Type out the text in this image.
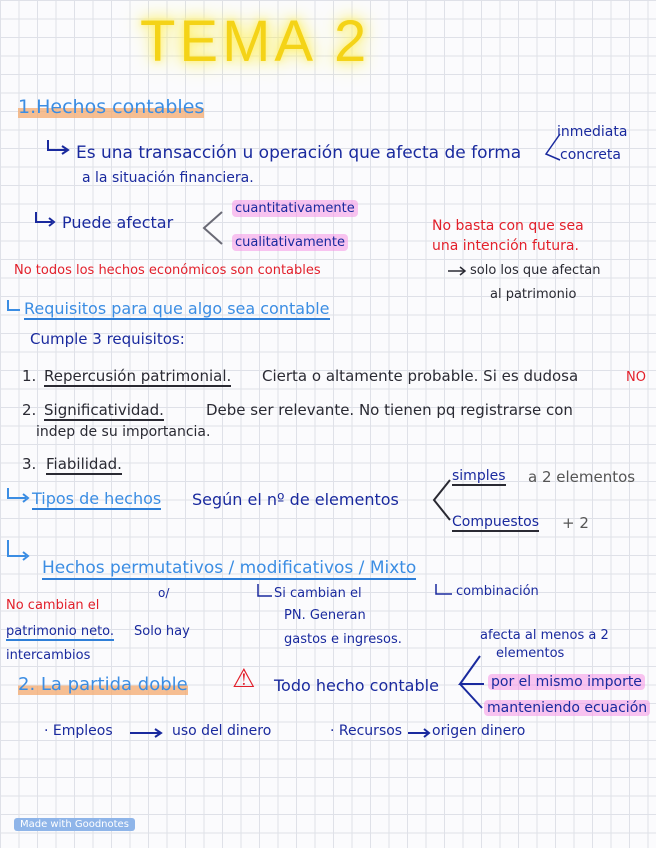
TEMA 2
1.Hechos contables
Es una transacción u operación que afecta de forma
a la situación financiera.
inmediata
concreta
Puede afectar
cuantitativamente
cualitativamente
No basta con que sea
una intención futura.
No todos los hechos económicos son contables	solo los que afectan
al patrimonio
Requisitos para que algo sea contable
Cumple 3 requisitos:
1. Repercusión patrimonial. Cierta o altamente probable. Si es dudosa	NO
2. Significatividad.	Debe ser relevante. No tienen pq registrarse con
indep de su importancia.
3. Fiabilidad.
Tipos de hechos Según el nº de elementos
simples a 2 elementos
Compuestos + 2
Hechos permutativos / modificativos / Mixto
o/
No cambian el
patrimonio neto. Solo hay
intercambios
Si cambian el
PN. Generan
gastos e ingresos.
combinación
2. La partida doble ⚠ Todo hecho contable
afecta al menos a 2
elementos
por el mismo importe
manteniendo ecuación
· Empleos	uso del dinero	· Recursos origen dinero
Made with Goodnotes
